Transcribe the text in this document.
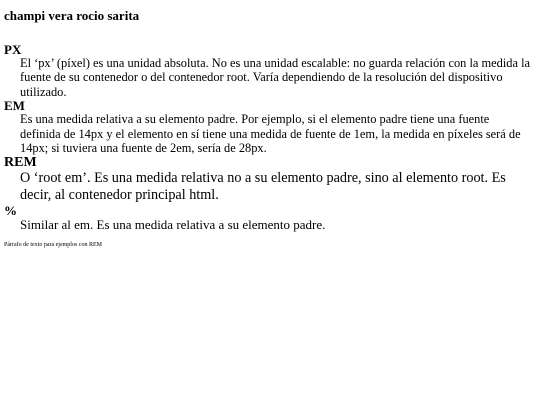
champi vera rocio sarita
PX
El ‘px’ (píxel) es una unidad absoluta. No es una unidad escalable: no guarda relación con la medida la fuente de su contenedor o del contenedor root. Varía dependiendo de la resolución del dispositivo utilizado.
EM
Es una medida relativa a su elemento padre. Por ejemplo, si el elemento padre tiene una fuente definida de 14px y el elemento en sí tiene una medida de fuente de 1em, la medida en píxeles será de 14px; si tuviera una fuente de 2em, sería de 28px.
REM
O ‘root em’. Es una medida relativa no a su elemento padre, sino al elemento root. Es decir, al contenedor principal html.
%
Similar al em. Es una medida relativa a su elemento padre.

Párrafo de texto para ejemplos con REM
